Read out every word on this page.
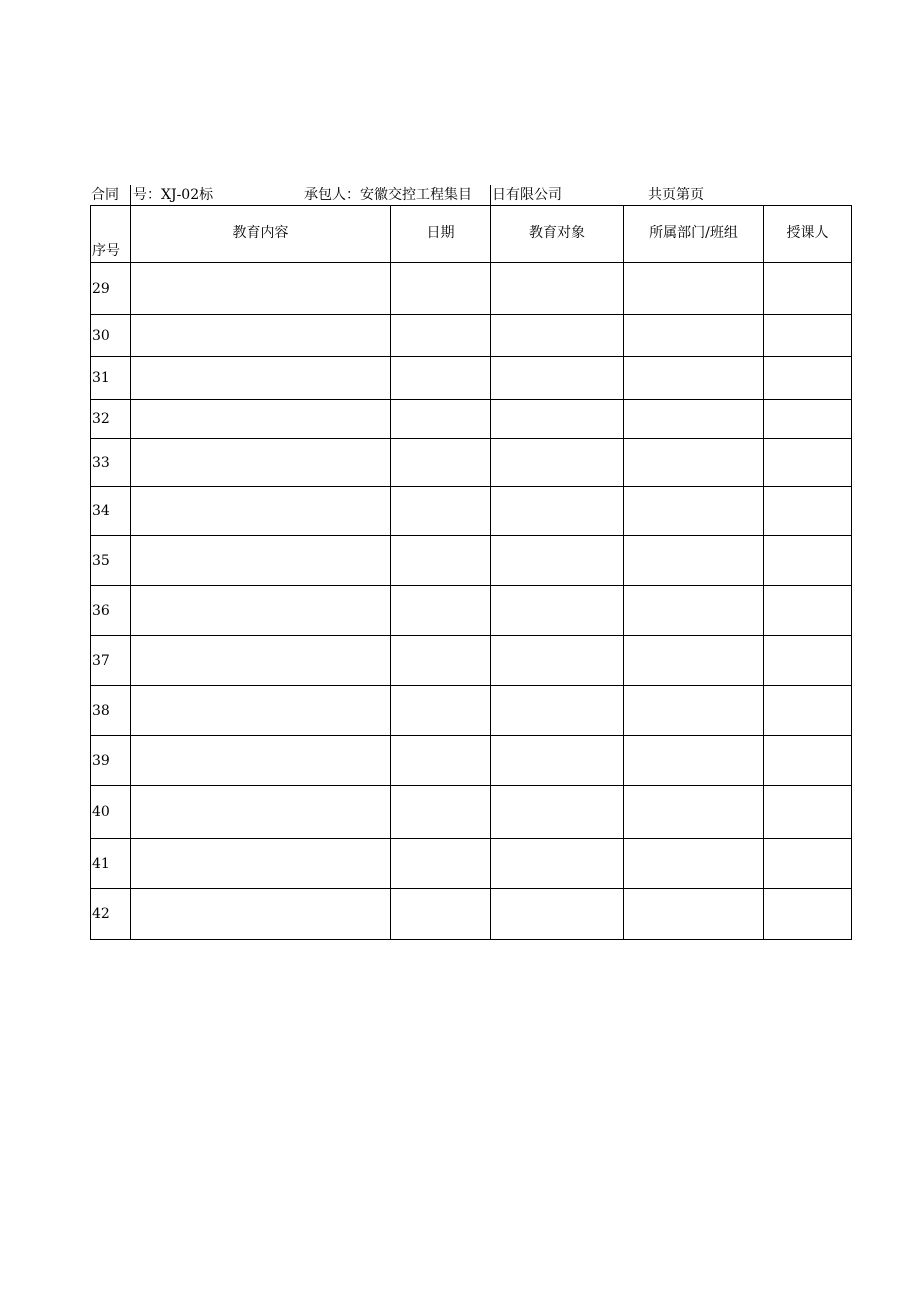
合同 号：XJ-02标	承包人：安徽交控工程集目 日有限公司	共页第页
序号	教育内容	日期	教育对象	所属部门/班组	授课人
29					
30					
31					
32					
33					
34					
35					
36					
37					
38					
39					
40					
41					
42					
